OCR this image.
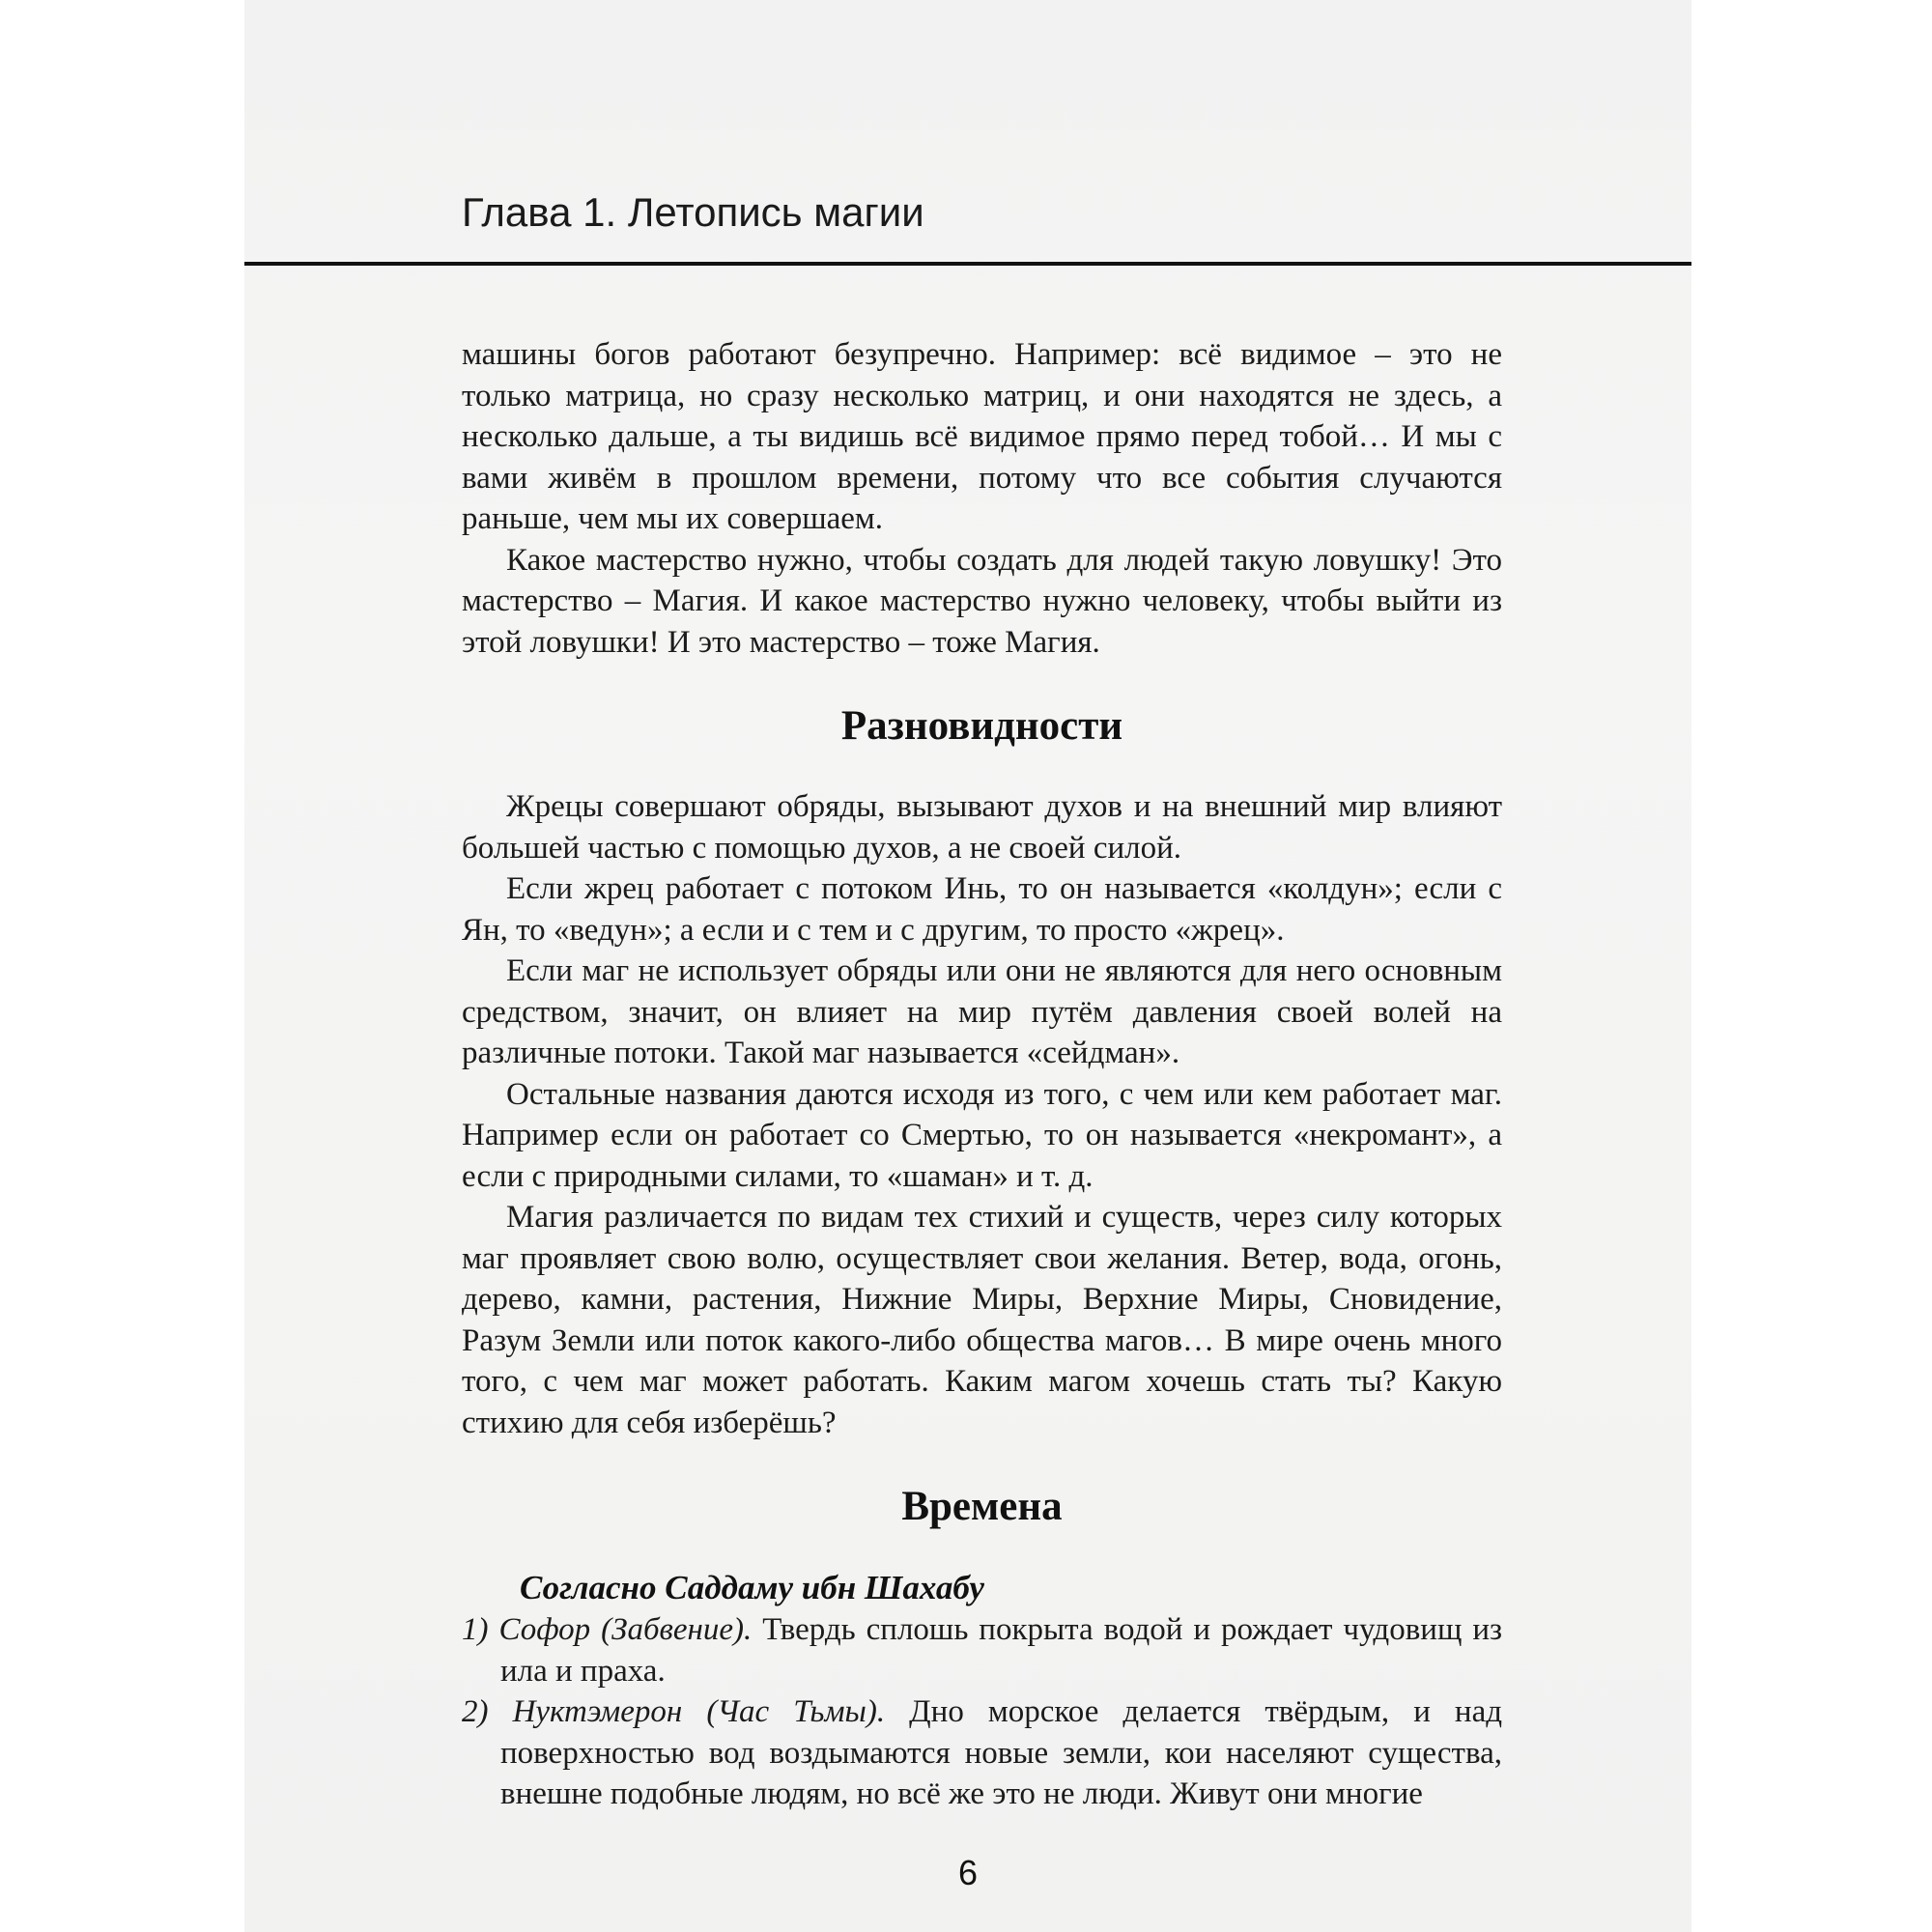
Глава 1. Летопись магии

машины богов работают безупречно. Например: всё видимое – это не только матрица, но сразу несколько матриц, и они находятся не здесь, а несколько дальше, а ты видишь всё видимое прямо перед тобой… И мы с вами живём в прошлом времени, потому что все события случаются раньше, чем мы их совершаем.

Какое мастерство нужно, чтобы создать для людей такую ловушку! Это мастерство – Магия. И какое мастерство нужно человеку, чтобы выйти из этой ловушки! И это мастерство – тоже Магия.

Разновидности

Жрецы совершают обряды, вызывают духов и на внешний мир влияют большей частью с помощью духов, а не своей силой.

Если жрец работает с потоком Инь, то он называется «колдун»; если с Ян, то «ведун»; а если и с тем и с другим, то просто «жрец».

Если маг не использует обряды или они не являются для него основным средством, значит, он влияет на мир путём давления своей волей на различные потоки. Такой маг называется «сейдман».

Остальные названия даются исходя из того, с чем или кем работает маг. Например если он работает со Смертью, то он называется «некромант», а если с природными силами, то «шаман» и т. д.

Магия различается по видам тех стихий и существ, через силу которых маг проявляет свою волю, осуществляет свои желания. Ветер, вода, огонь, дерево, камни, растения, Нижние Миры, Верхние Миры, Сновидение, Разум Земли или поток какого-либо общества магов… В мире очень много того, с чем маг может работать. Каким магом хочешь стать ты? Какую стихию для себя изберёшь?

Времена
Согласно Саддаму ибн Шахабу

1) Софор (Забвение). Твердь сплошь покрыта водой и рождает чудовищ из ила и праха.

2) Нуктэмерон (Час Тьмы). Дно морское делается твёрдым, и над поверхностью вод воздымаются новые земли, кои населяют существа, внешне подобные людям, но всё же это не люди. Живут они многие

6
